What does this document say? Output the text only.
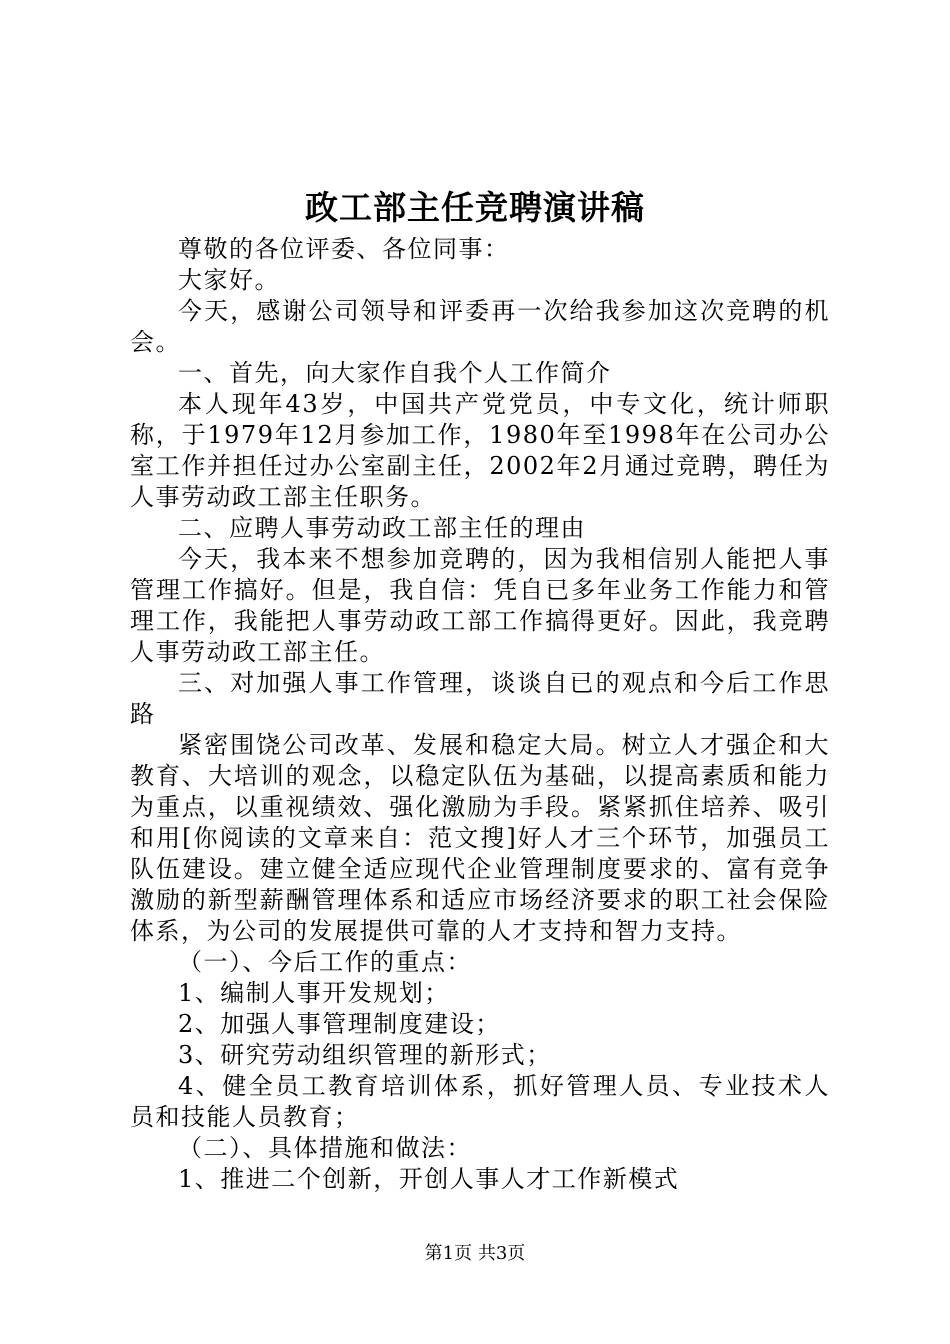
政工部主任竞聘演讲稿

尊敬的各位评委、各位同事：

大家好。

今天，感谢公司领导和评委再一次给我参加这次竞聘的机会。

一、首先，向大家作自我个人工作简介

本人现年43岁，中国共产党党员，中专文化，统计师职称，于1979年12月参加工作，1980年至1998年在公司办公室工作并担任过办公室副主任，2002年2月通过竞聘，聘任为人事劳动政工部主任职务。

二、应聘人事劳动政工部主任的理由

今天，我本来不想参加竞聘的，因为我相信别人能把人事管理工作搞好。但是，我自信：凭自已多年业务工作能力和管理工作，我能把人事劳动政工部工作搞得更好。因此，我竞聘人事劳动政工部主任。

三、对加强人事工作管理，谈谈自已的观点和今后工作思路

紧密围饶公司改革、发展和稳定大局。树立人才强企和大教育、大培训的观念，以稳定队伍为基础，以提高素质和能力为重点，以重视绩效、强化激励为手段。紧紧抓住培养、吸引和用[你阅读的文章来自：范文搜]好人才三个环节，加强员工队伍建设。建立健全适应现代企业管理制度要求的、富有竞争激励的新型薪酬管理体系和适应市场经济要求的职工社会保险体系，为公司的发展提供可靠的人才支持和智力支持。

（一）、今后工作的重点：

1、编制人事开发规划；

2、加强人事管理制度建设；

3、研究劳动组织管理的新形式；

4、健全员工教育培训体系，抓好管理人员、专业技术人员和技能人员教育；

（二）、具体措施和做法：

1、推进二个创新，开创人事人才工作新模式

第1页 共3页
